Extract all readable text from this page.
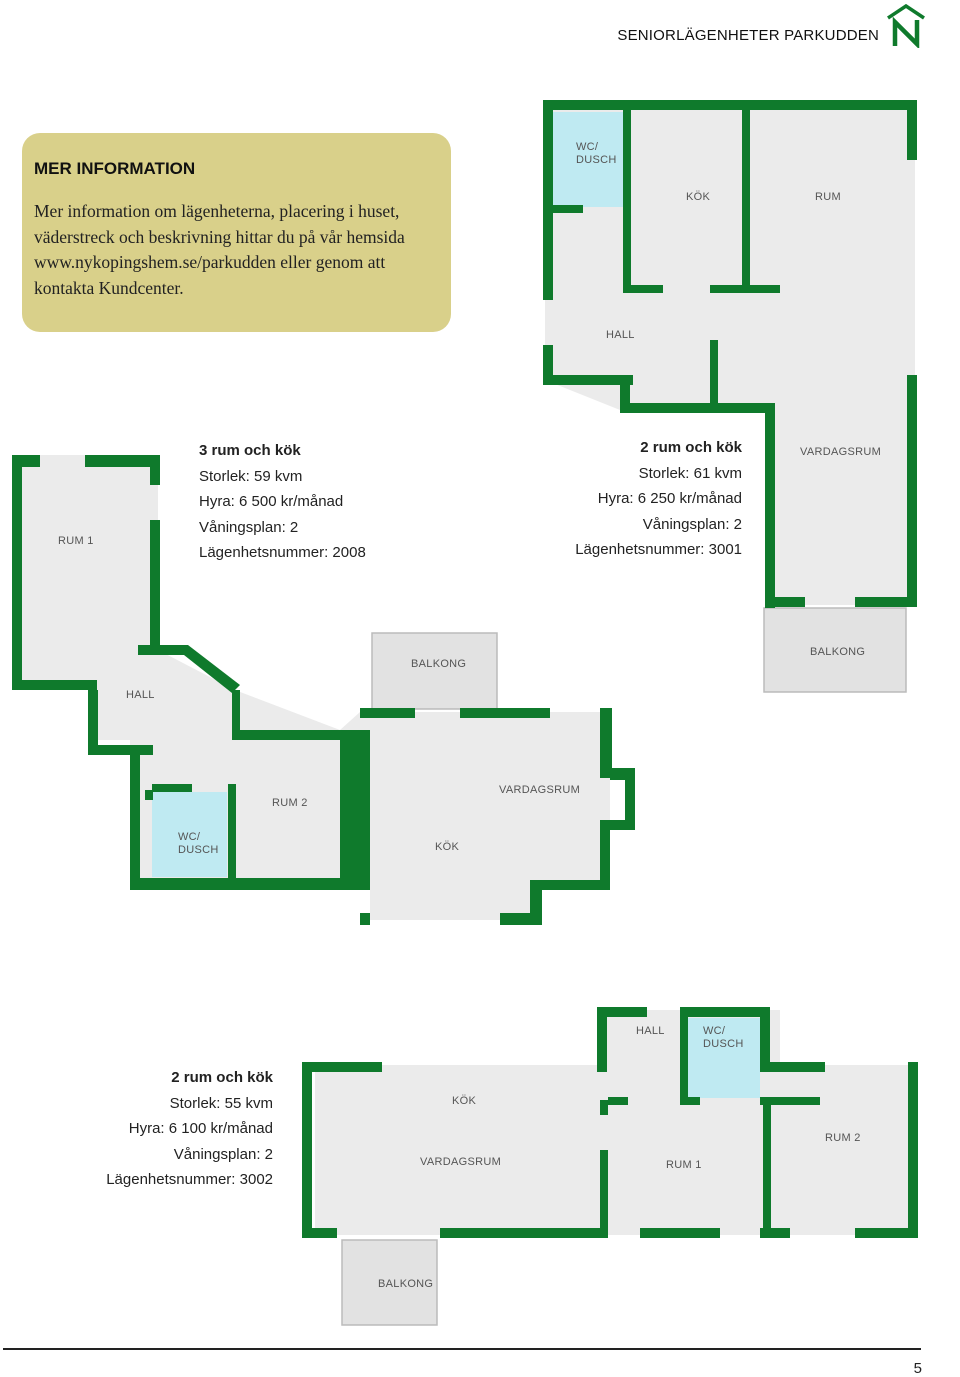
SENIORLÄGENHETER PARKUDDEN
MER INFORMATION
Mer information om lägenheterna, placering i huset,
väderstreck och beskrivning hittar du på vår hemsida
www.nykopingshem.se/parkudden eller genom att
kontakta Kundcenter.
WC/
DUSCH
KÖK	RUM
HALL
VARDAGSRUM
BALKONG
RUM 1
HALL
BALKONG
VARDAGSRUM
RUM 2
WC/
DUSCH	KÖK
HALL	WC/
DUSCH
KÖK
VARDAGSRUM	RUM 1
RUM 2
BALKONG
3 rum och kök
Storlek: 59 kvm
Hyra: 6 500 kr/månad
Våningsplan: 2
Lägenhetsnummer: 2008
2 rum och kök
Storlek: 61 kvm
Hyra: 6 250 kr/månad
Våningsplan: 2
Lägenhetsnummer: 3001
2 rum och kök
Storlek: 55 kvm
Hyra: 6 100 kr/månad
Våningsplan: 2
Lägenhetsnummer: 3002
5
